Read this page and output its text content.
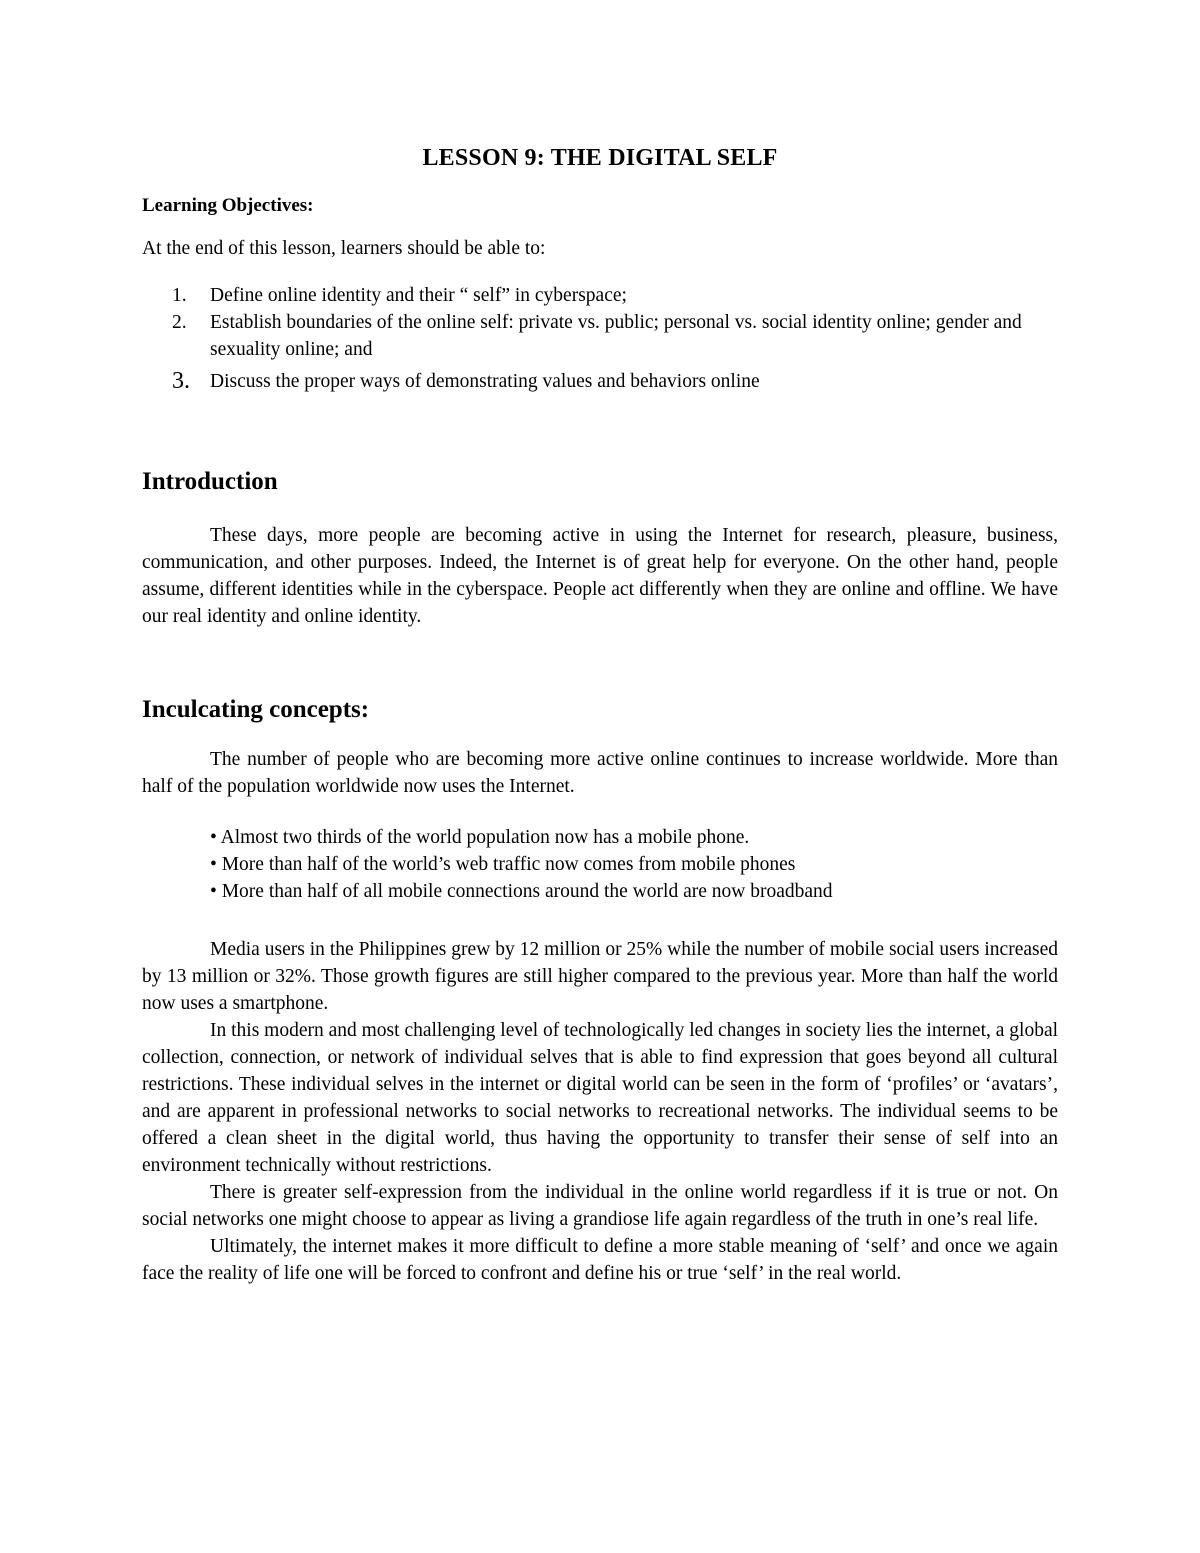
LESSON 9: THE DIGITAL SELF
Learning Objectives:
At the end of this lesson, learners should be able to:
1. Define online identity and their “ self” in cyberspace;
2. Establish boundaries of the online self: private vs. public; personal vs. social identity online; gender and sexuality online; and
3. Discuss the proper ways of demonstrating values and behaviors online
Introduction

These days, more people are becoming active in using the Internet for research, pleasure, business, communication, and other purposes. Indeed, the Internet is of great help for everyone. On the other hand, people assume, different identities while in the cyberspace. People act differently when they are online and offline. We have our real identity and online identity.

Inculcating concepts:

The number of people who are becoming more active online continues to increase worldwide. More than half of the population worldwide now uses the Internet.

• Almost two thirds of the world population now has a mobile phone.
• More than half of the world’s web traffic now comes from mobile phones
• More than half of all mobile connections around the world are now broadband

Media users in the Philippines grew by 12 million or 25% while the number of mobile social users increased by 13 million or 32%. Those growth figures are still higher compared to the previous year. More than half the world now uses a smartphone.

In this modern and most challenging level of technologically led changes in society lies the internet, a global collection, connection, or network of individual selves that is able to find expression that goes beyond all cultural restrictions. These individual selves in the internet or digital world can be seen in the form of ‘profiles’ or ‘avatars’, and are apparent in professional networks to social networks to recreational networks. The individual seems to be offered a clean sheet in the digital world, thus having the opportunity to transfer their sense of self into an environment technically without restrictions.

There is greater self-expression from the individual in the online world regardless if it is true or not. On social networks one might choose to appear as living a grandiose life again regardless of the truth in one’s real life.

Ultimately, the internet makes it more difficult to define a more stable meaning of ‘self’ and once we again face the reality of life one will be forced to confront and define his or true ‘self’ in the real world.
